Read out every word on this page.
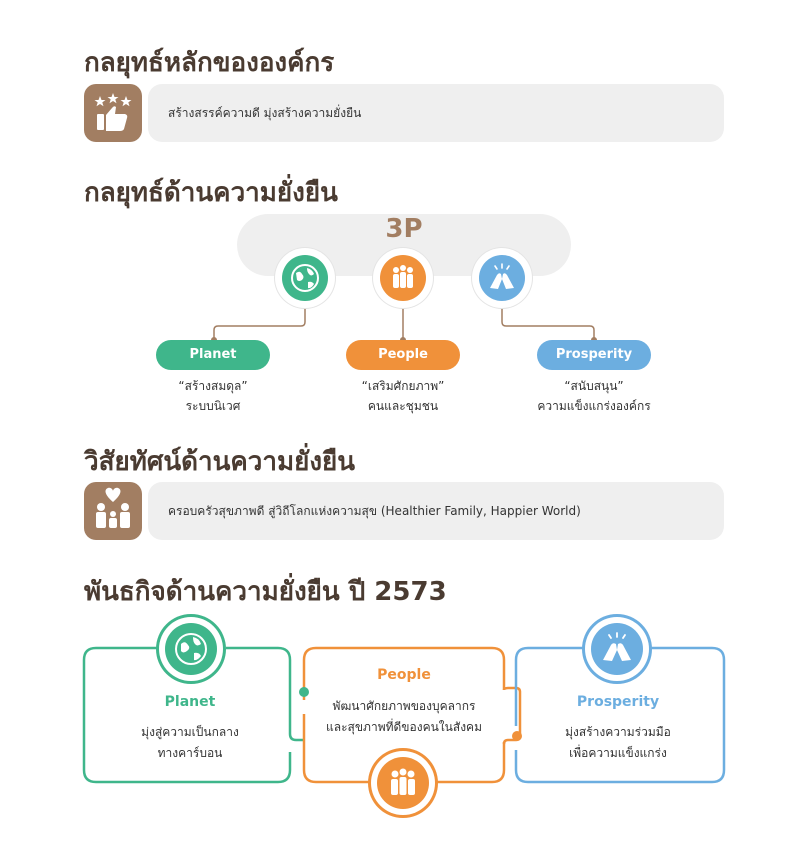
กลยุทธ์หลักขององค์กร
สร้างสรรค์ความดี มุ่งสร้างความยั่งยืน
กลยุทธ์ด้านความยั่งยืน
3P
Planet	People	Prosperity
“สร้างสมดุล”
ระบบนิเวศ
“เสริมศักยภาพ”
คนและชุมชน
“สนับสนุน”
ความแข็งแกร่งองค์กร
วิสัยทัศน์ด้านความยั่งยืน
ครอบครัวสุขภาพดี สู่วิถีโลกแห่งความสุข (Healthier Family, Happier World)
พันธกิจด้านความยั่งยืน ปี 2573
Planet
มุ่งสู่ความเป็นกลาง
ทางคาร์บอน
People
พัฒนาศักยภาพของบุคลากร
และสุขภาพที่ดีของคนในสังคม
Prosperity
มุ่งสร้างความร่วมมือ
เพื่อความแข็งแกร่ง
